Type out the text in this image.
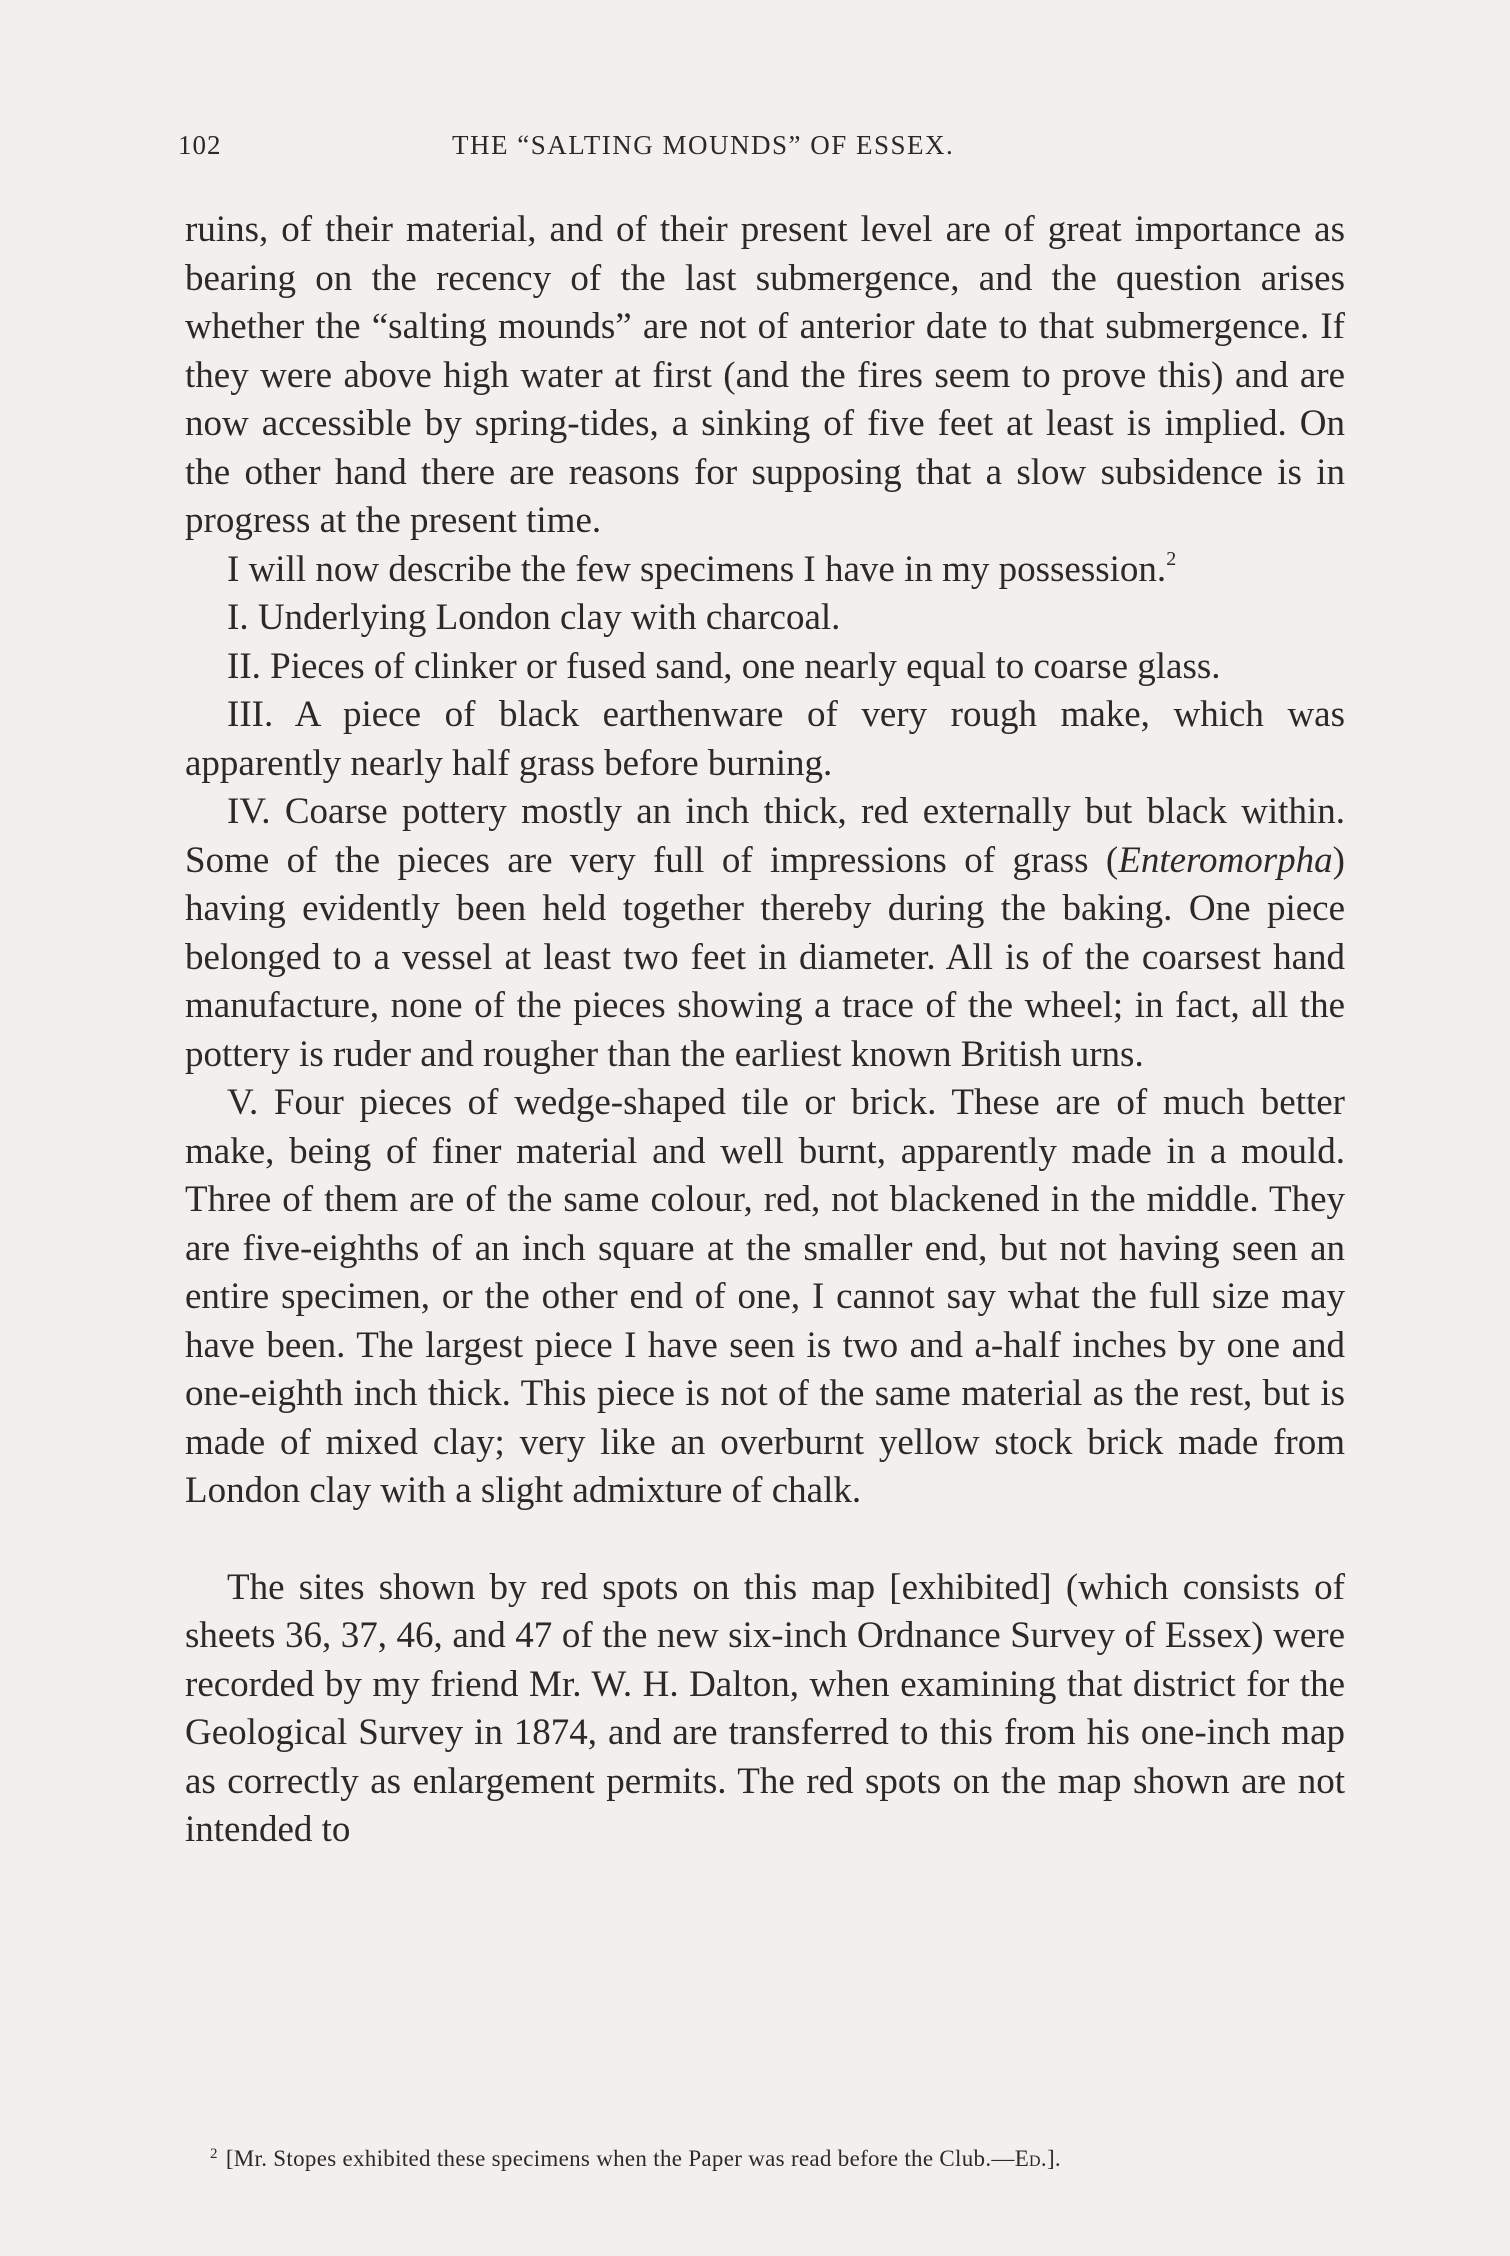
102	THE “SALTING MOUNDS” OF ESSEX.

ruins, of their material, and of their present level are of great importance as bearing on the recency of the last submergence, and the question arises whether the “salting mounds” are not of anterior date to that submergence. If they were above high water at first (and the fires seem to prove this) and are now accessible by spring-tides, a sinking of five feet at least is implied. On the other hand there are reasons for supposing that a slow subsidence is in progress at the present time.

I will now describe the few specimens I have in my possession.$^2$

I. Underlying London clay with charcoal.

II. Pieces of clinker or fused sand, one nearly equal to coarse glass.

III. A piece of black earthenware of very rough make, which was apparently nearly half grass before burning.

IV. Coarse pottery mostly an inch thick, red externally but black within. Some of the pieces are very full of impressions of grass (Enteromorpha) having evidently been held together thereby during the baking. One piece belonged to a vessel at least two feet in diameter. All is of the coarsest hand manufacture, none of the pieces showing a trace of the wheel; in fact, all the pottery is ruder and rougher than the earliest known British urns.

V. Four pieces of wedge-shaped tile or brick. These are of much better make, being of finer material and well burnt, apparently made in a mould. Three of them are of the same colour, red, not blackened in the middle. They are five-eighths of an inch square at the smaller end, but not having seen an entire specimen, or the other end of one, I cannot say what the full size may have been. The largest piece I have seen is two and a-half inches by one and one-eighth inch thick. This piece is not of the same material as the rest, but is made of mixed clay; very like an overburnt yellow stock brick made from London clay with a slight admixture of chalk.

The sites shown by red spots on this map [exhibited] (which consists of sheets 36, 37, 46, and 47 of the new six-inch Ordnance Survey of Essex) were recorded by my friend Mr. W. H. Dalton, when examining that district for the Geological Survey in 1874, and are transferred to this from his one-inch map as correctly as enlargement permits. The red spots on the map shown are not intended to

$^2$ [Mr. Stopes exhibited these specimens when the Paper was read before the Club.—Ed.].
